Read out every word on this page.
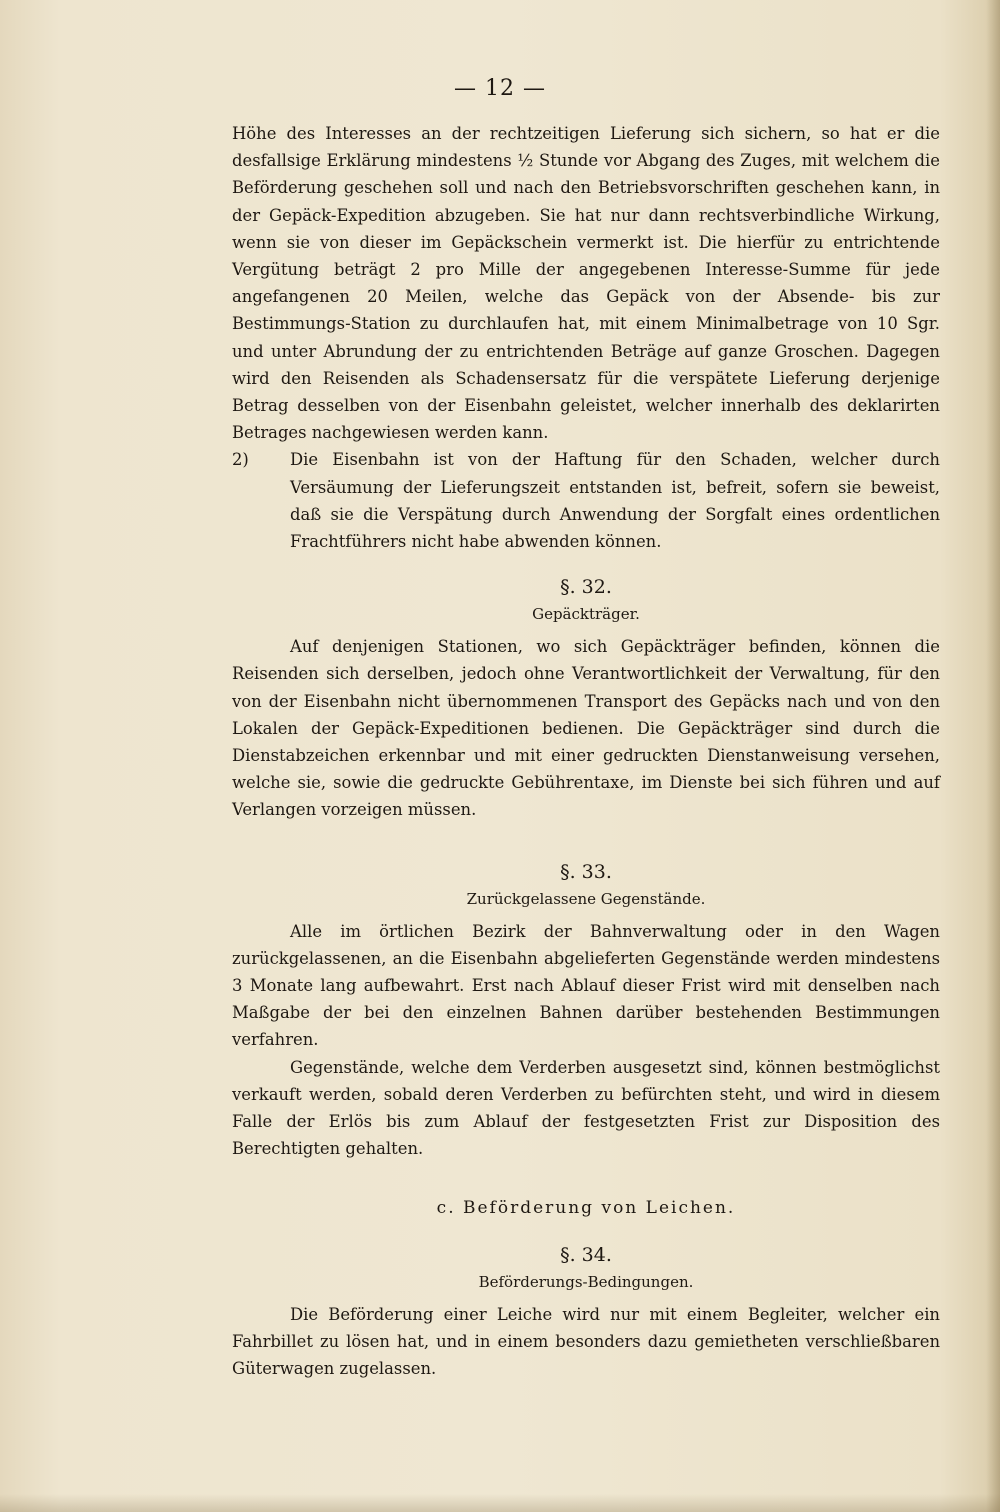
— 12 —

Höhe des Interesses an der rechtzeitigen Lieferung sich sichern, so hat er die desfallsige Erklärung mindestens ½ Stunde vor Abgang des Zuges, mit welchem die Beförderung geschehen soll und nach den Betriebsvorschriften geschehen kann, in der Gepäck-Expedition abzugeben. Sie hat nur dann rechtsverbindliche Wirkung, wenn sie von dieser im Gepäckschein vermerkt ist. Die hierfür zu entrichtende Vergütung beträgt 2 pro Mille der angegebenen Interesse-Summe für jede angefangenen 20 Meilen, welche das Gepäck von der Absende- bis zur Bestimmungs-Station zu durchlaufen hat, mit einem Minimalbetrage von 10 Sgr. und unter Abrundung der zu entrichtenden Beträge auf ganze Groschen. Dagegen wird den Reisenden als Schadensersatz für die verspätete Lieferung derjenige Betrag desselben von der Eisenbahn geleistet, welcher innerhalb des deklarirten Betrages nachgewiesen werden kann.

2)	Die Eisenbahn ist von der Haftung für den Schaden, welcher durch Versäumung der Lieferungszeit entstanden ist, befreit, sofern sie beweist, daß sie die Verspätung durch Anwendung der Sorgfalt eines ordentlichen Frachtführers nicht habe abwenden können.
§. 32.
Gepäckträger.

Auf denjenigen Stationen, wo sich Gepäckträger befinden, können die Reisenden sich derselben, jedoch ohne Verantwortlichkeit der Verwaltung, für den von der Eisenbahn nicht übernommenen Transport des Gepäcks nach und von den Lokalen der Gepäck-Expeditionen bedienen. Die Gepäckträger sind durch die Dienstabzeichen erkennbar und mit einer gedruckten Dienstanweisung versehen, welche sie, sowie die gedruckte Gebührentaxe, im Dienste bei sich führen und auf Verlangen vorzeigen müssen.

§. 33.
Zurückgelassene Gegenstände.

Alle im örtlichen Bezirk der Bahnverwaltung oder in den Wagen zurückgelassenen, an die Eisenbahn abgelieferten Gegenstände werden mindestens 3 Monate lang aufbewahrt. Erst nach Ablauf dieser Frist wird mit denselben nach Maßgabe der bei den einzelnen Bahnen darüber bestehenden Bestimmungen verfahren.

Gegenstände, welche dem Verderben ausgesetzt sind, können bestmöglichst verkauft werden, sobald deren Verderben zu befürchten steht, und wird in diesem Falle der Erlös bis zum Ablauf der festgesetzten Frist zur Disposition des Berechtigten gehalten.

c. Beförderung von Leichen.
§. 34.
Beförderungs-Bedingungen.

Die Beförderung einer Leiche wird nur mit einem Begleiter, welcher ein Fahrbillet zu lösen hat, und in einem besonders dazu gemietheten verschließbaren Güterwagen zugelassen.
